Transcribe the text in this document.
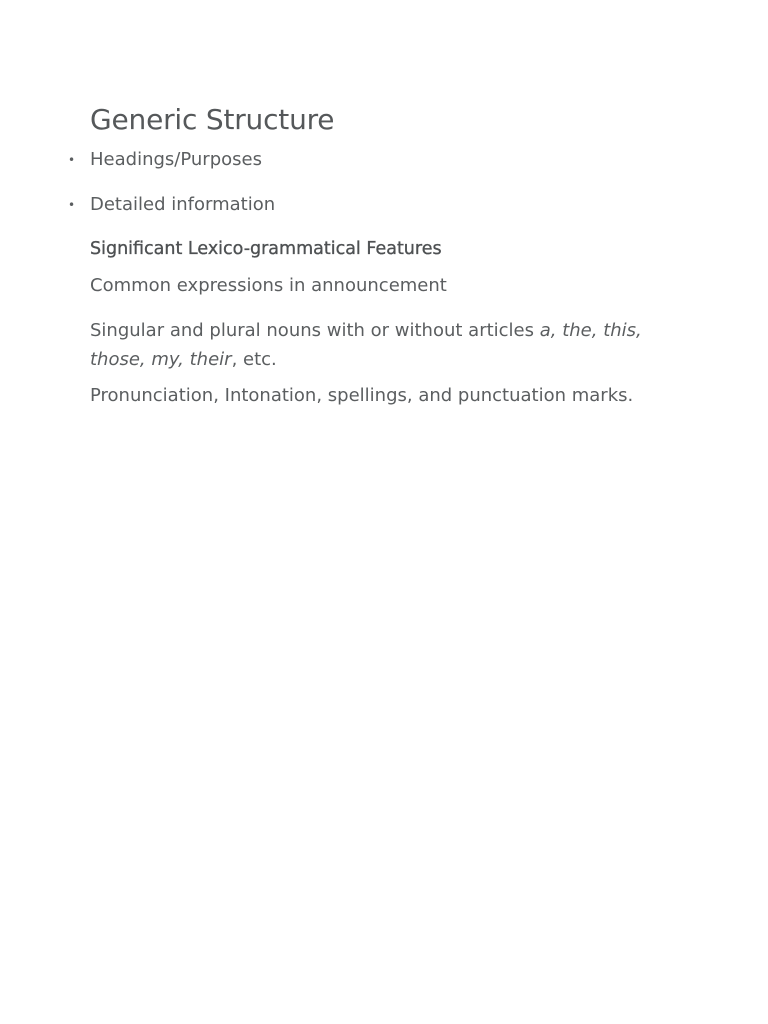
Generic Structure
• Headings/Purposes
• Detailed information
Significant Lexico-grammatical Features

Common expressions in announcement

Singular and plural nouns with or without articles a, the, this, those, my, their, etc.

Pronunciation, Intonation, spellings, and punctuation marks.
